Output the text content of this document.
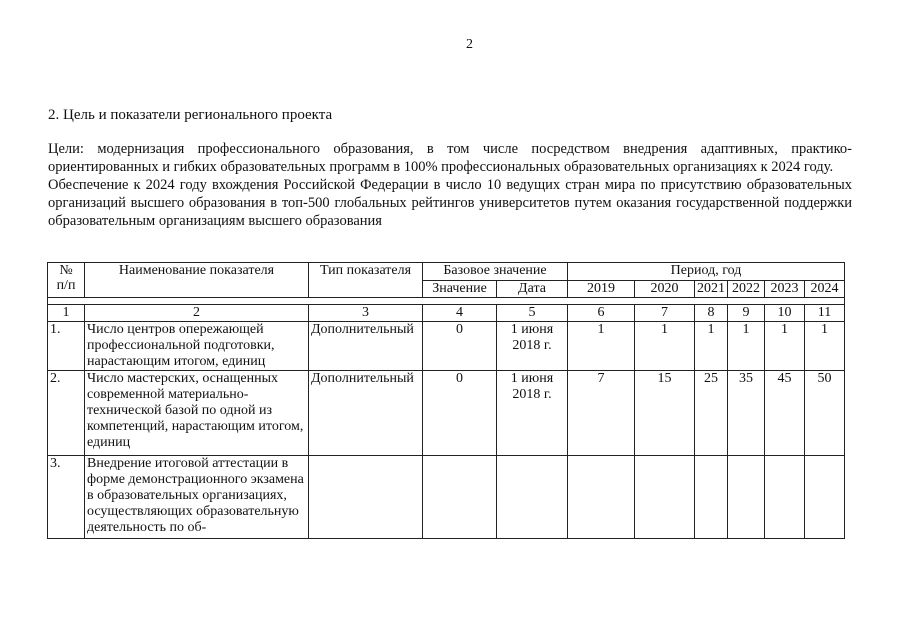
2
2. Цель и показатели регионального проекта

Цели: модернизация профессионального образования, в том числе посредством внедрения адаптивных, практико-ориентированных и гибких образовательных программ в 100% профессиональных образовательных организациях к 2024 году.

Обеспечение к 2024 году вхождения Российской Федерации в число 10 ведущих стран мира по присутствию образовательных организаций высшего образования в топ-500 глобальных рейтингов университетов путем оказания государственной поддержки образовательным организациям высшего образования

№
п/п	Наименование показателя	Тип показателя	Базовое значение		Период, год					
			Значение	Дата	2019	2020	2021	2022	2023	2024

1	2	3	4	5	6	7	8	9	10	11
1.	Число центров опережающей профессиональной подготовки, нарастающим итогом, единиц	Дополнительный	0	1 июня 2018 г.	1	1	1	1	1	1
2.	Число мастерских, оснащенных современной материально-технической базой по одной из компетенций, нарастающим итогом, единиц	Дополнительный	0	1 июня 2018 г.	7	15	25	35	45	50
3.	Внедрение итоговой аттестации в форме демонстрационного экзамена в образовательных организациях, осуществляющих образовательную деятельность по об-									
